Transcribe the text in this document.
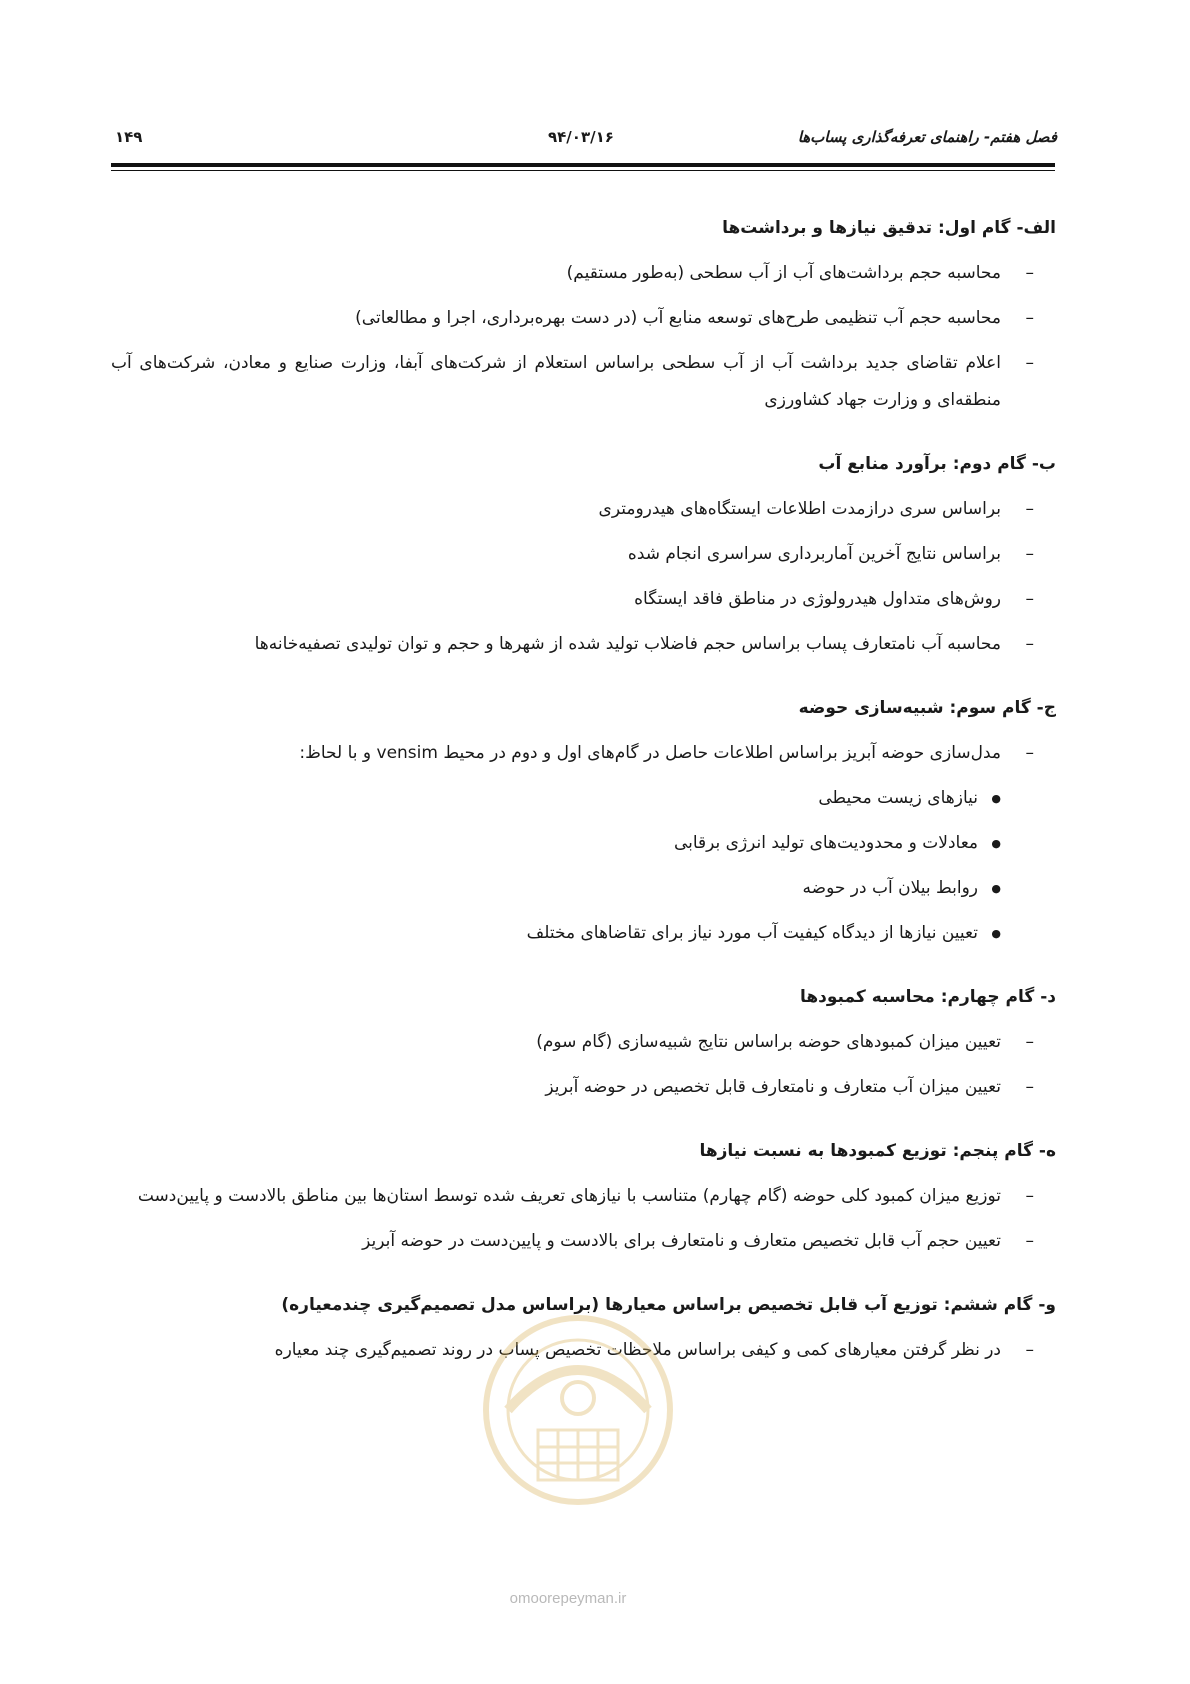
فصل هفتم- راهنمای تعرفه‌گذاری پساب‌ها
۹۴/۰۳/۱۶
۱۴۹

الف- گام اول: تدقیق نیازها و برداشت‌ها

– محاسبه حجم برداشت‌های آب از آب سطحی (به‌طور مستقیم)
– محاسبه حجم آب تنظیمی طرح‌های توسعه منابع آب (در دست بهره‌برداری، اجرا و مطالعاتی)
– اعلام تقاضای جدید برداشت آب از آب سطحی براساس استعلام از شرکت‌های آبفا، وزارت صنایع و معادن، شرکت‌های آب منطقه‌ای و وزارت جهاد کشاورزی

ب- گام دوم: برآورد منابع آب

– براساس سری درازمدت اطلاعات ایستگاه‌های هیدرومتری
– براساس نتایج آخرین آماربرداری سراسری انجام شده
– روش‌های متداول هیدرولوژی در مناطق فاقد ایستگاه
– محاسبه آب نامتعارف پساب براساس حجم فاضلاب تولید شده از شهرها و حجم و توان تولیدی تصفیه‌خانه‌ها

ج- گام سوم: شبیه‌سازی حوضه

– مدل‌سازی حوضه آبریز براساس اطلاعات حاصل در گام‌های اول و دوم در محیط vensim و با لحاظ:
● نیازهای زیست محیطی
● معادلات و محدودیت‌های تولید انرژی برقابی
● روابط بیلان آب در حوضه
● تعیین نیازها از دیدگاه کیفیت آب مورد نیاز برای تقاضاهای مختلف

د- گام چهارم: محاسبه کمبودها

– تعیین میزان کمبودهای حوضه براساس نتایج شبیه‌سازی (گام سوم)
– تعیین میزان آب متعارف و نامتعارف قابل تخصیص در حوضه آبریز

ه- گام پنجم: توزیع کمبودها به نسبت نیازها

– توزیع میزان کمبود کلی حوضه (گام چهارم) متناسب با نیازهای تعریف شده توسط استان‌ها بین مناطق بالادست و پایین‌دست
– تعیین حجم آب قابل تخصیص متعارف و نامتعارف برای بالادست و پایین‌دست در حوضه آبریز

و- گام ششم: توزیع آب قابل تخصیص براساس معیارها (براساس مدل تصمیم‌گیری چندمعیاره)

– در نظر گرفتن معیارهای کمی و کیفی براساس ملاحظات تخصیص پساب در روند تصمیم‌گیری چند معیاره
omoorepeyman.ir
